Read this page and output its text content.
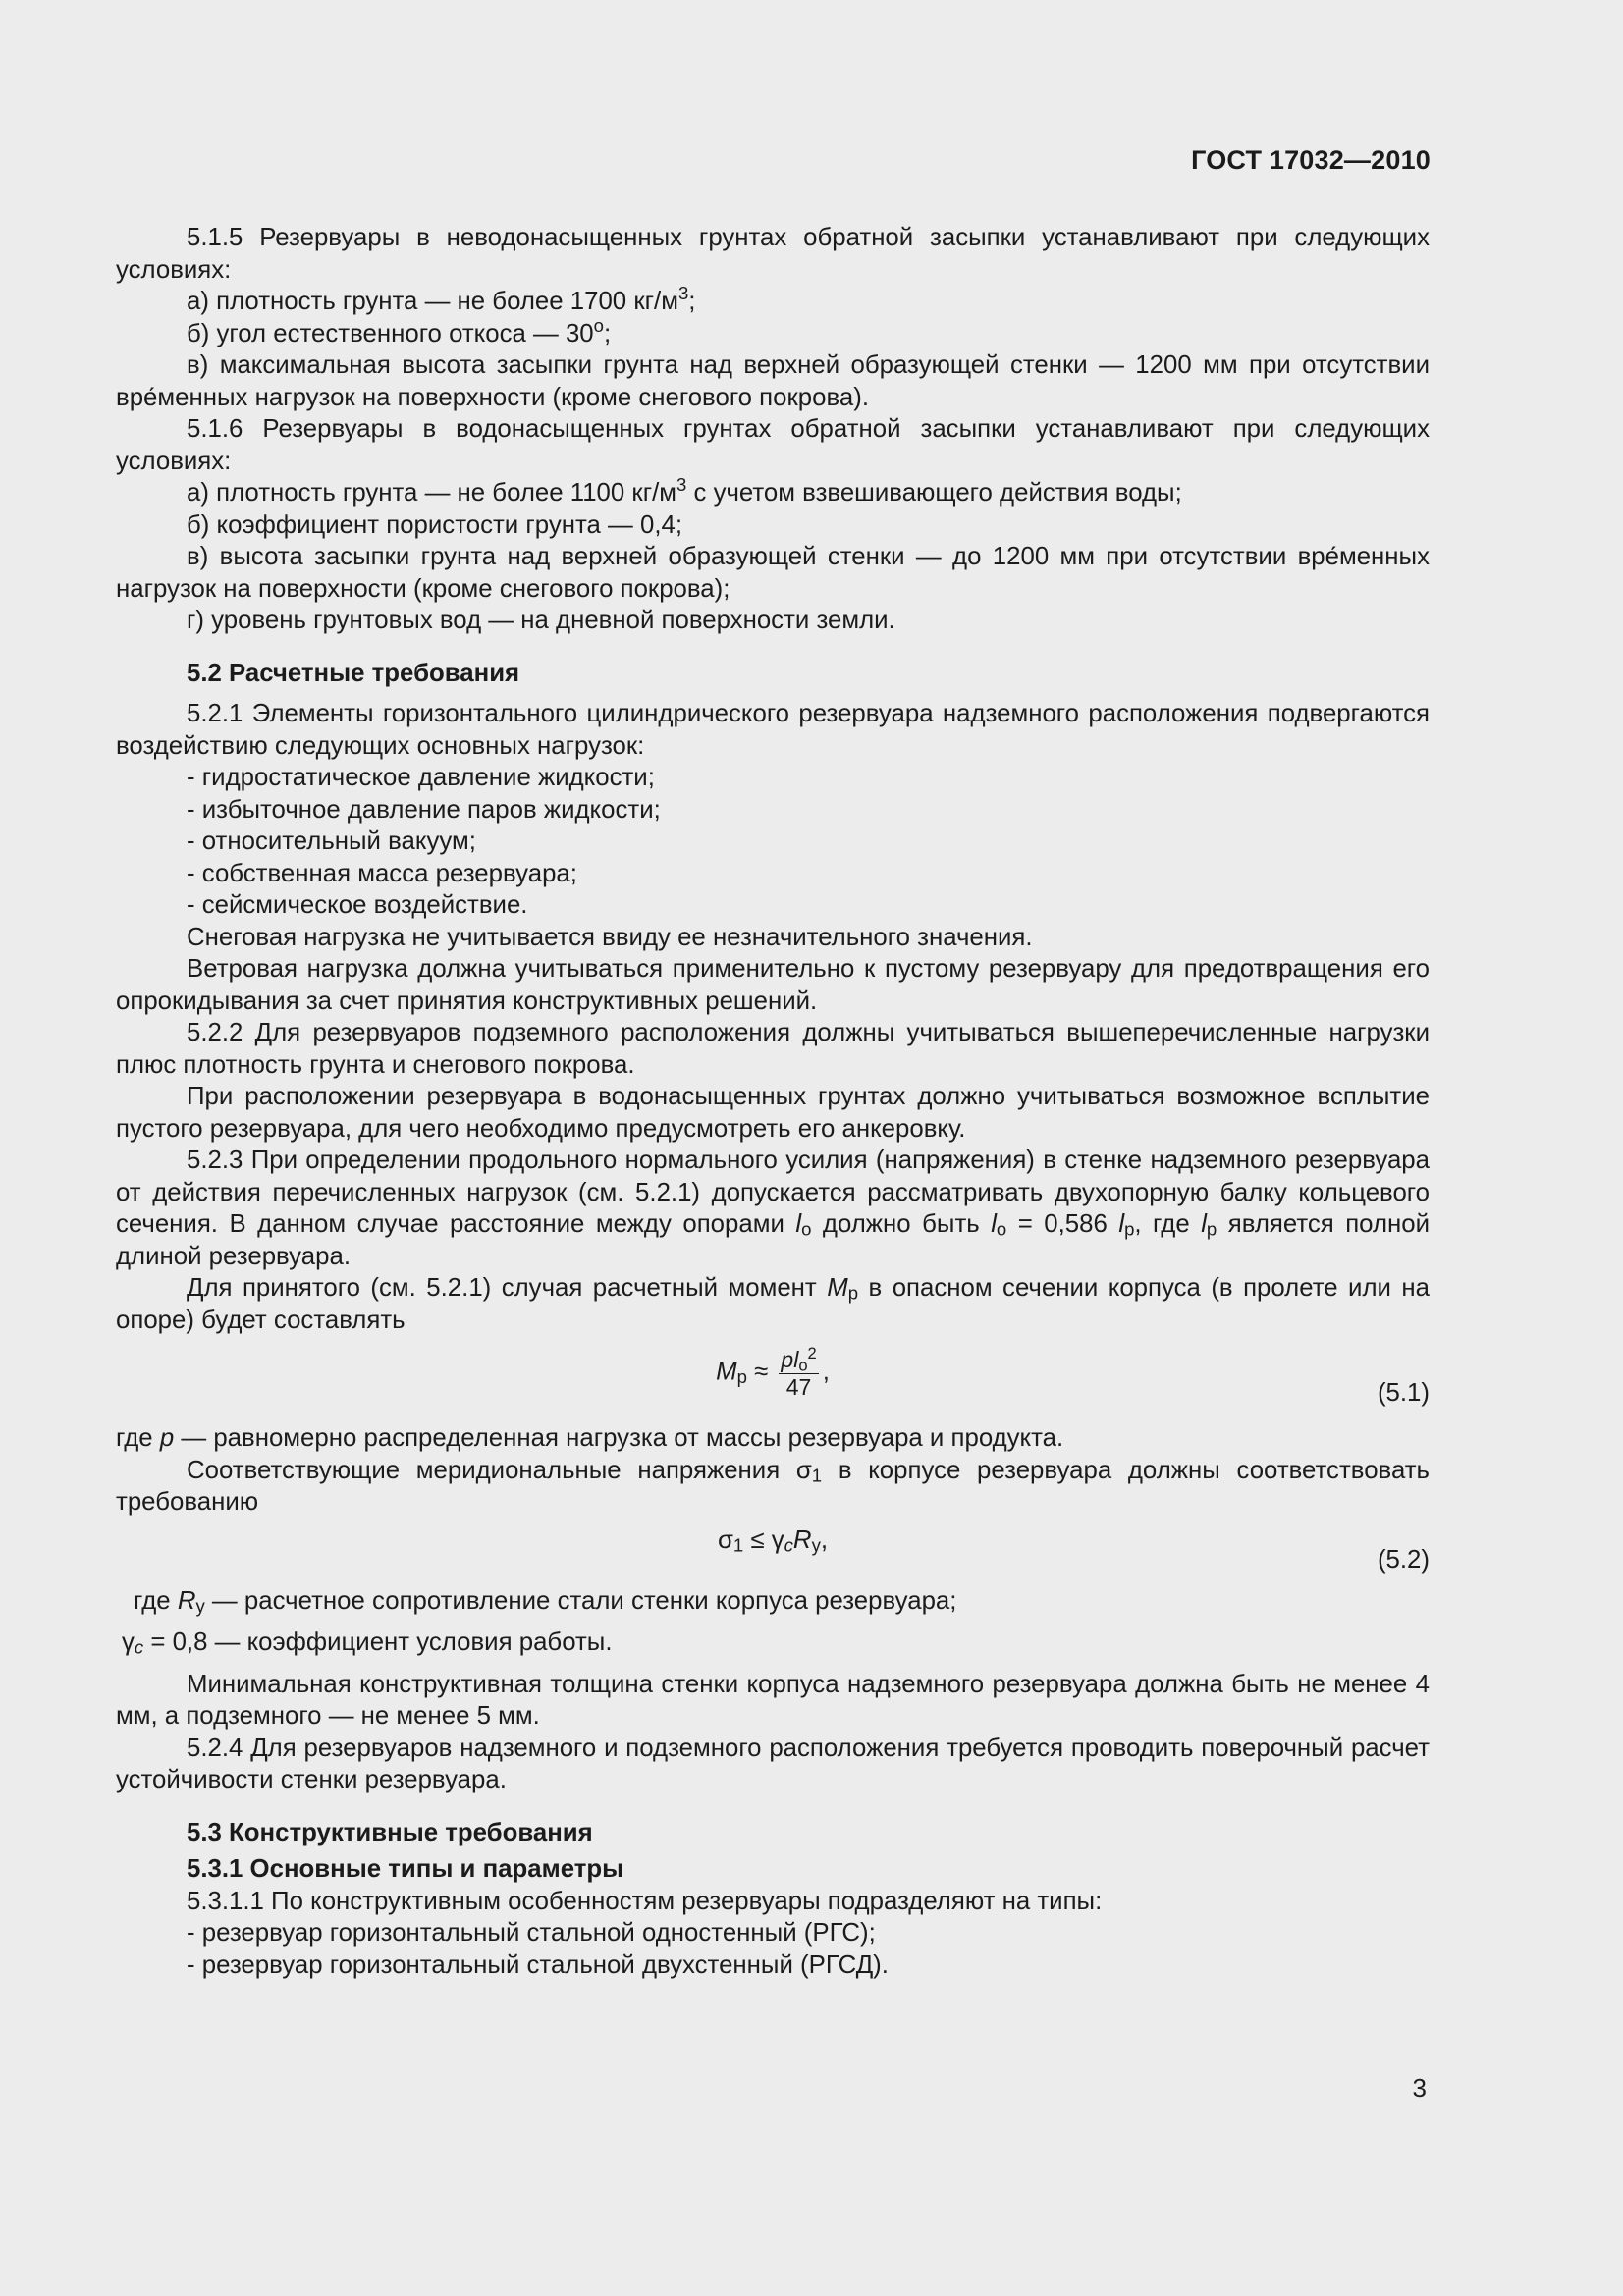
ГОСТ 17032—2010

5.1.5 Резервуары в неводонасыщенных грунтах обратной засыпки устанавливают при следующих условиях:

а) плотность грунта — не более 1700 $кг/м^3$;

б) угол естественного откоса — $30^о$;

в) максимальная высота засыпки грунта над верхней образующей стенки — 1200 мм при отсутствии вре́менных нагрузок на поверхности (кроме снегового покрова).

5.1.6 Резервуары в водонасыщенных грунтах обратной засыпки устанавливают при следующих условиях:

а) плотность грунта — не более 1100 $кг/м^3$ с учетом взвешивающего действия воды;

б) коэффициент пористости грунта — 0,4;

в) высота засыпки грунта над верхней образующей стенки — до 1200 мм при отсутствии вре́менных нагрузок на поверхности (кроме снегового покрова);

г) уровень грунтовых вод — на дневной поверхности земли.

5.2 Расчетные требования

5.2.1 Элементы горизонтального цилиндрического резервуара надземного расположения подвергаются воздействию следующих основных нагрузок:

- гидростатическое давление жидкости;

- избыточное давление паров жидкости;

- относительный вакуум;

- собственная масса резервуара;

- сейсмическое воздействие.

Снеговая нагрузка не учитывается ввиду ее незначительного значения.

Ветровая нагрузка должна учитываться применительно к пустому резервуару для предотвращения его опрокидывания за счет принятия конструктивных решений.

5.2.2 Для резервуаров подземного расположения должны учитываться вышеперечисленные нагрузки плюс плотность грунта и снегового покрова.

При расположении резервуара в водонасыщенных грунтах должно учитываться возможное всплытие пустого резервуара, для чего необходимо предусмотреть его анкеровку.

5.2.3 При определении продольного нормального усилия (напряжения) в стенке надземного резервуара от действия перечисленных нагрузок (см. 5.2.1) допускается рассматривать двухопорную балку кольцевого сечения. В данном случае расстояние между опорами $l_о$ должно быть $l_о = 0,586$ $l_р$, где $l_р$ является полной длиной резервуара.

Для принятого (см. 5.2.1) случая расчетный момент $M_р$ в опасном сечении корпуса (в пролете или на опоре) будет составлять

$M_р \approx pl_о^2$
47
,
(5.1)

где p — равномерно распределенная нагрузка от массы резервуара и продукта.

Соответствующие меридиональные напряжения $\sigma_1$ в корпусе резервуара должны соответствовать требованию

$\sigma_1 \le \gamma_cR_y$,
(5.2)

где $R_y$ — расчетное сопротивление стали стенки корпуса резервуара;

$\gamma_c = 0,8$ — коэффициент условия работы.

Минимальная конструктивная толщина стенки корпуса надземного резервуара должна быть не менее 4 мм, а подземного — не менее 5 мм.

5.2.4 Для резервуаров надземного и подземного расположения требуется проводить поверочный расчет устойчивости стенки резервуара.

5.3 Конструктивные требования

5.3.1 Основные типы и параметры

5.3.1.1 По конструктивным особенностям резервуары подразделяют на типы:

- резервуар горизонтальный стальной одностенный (РГС);

- резервуар горизонтальный стальной двухстенный (РГСД).

3
